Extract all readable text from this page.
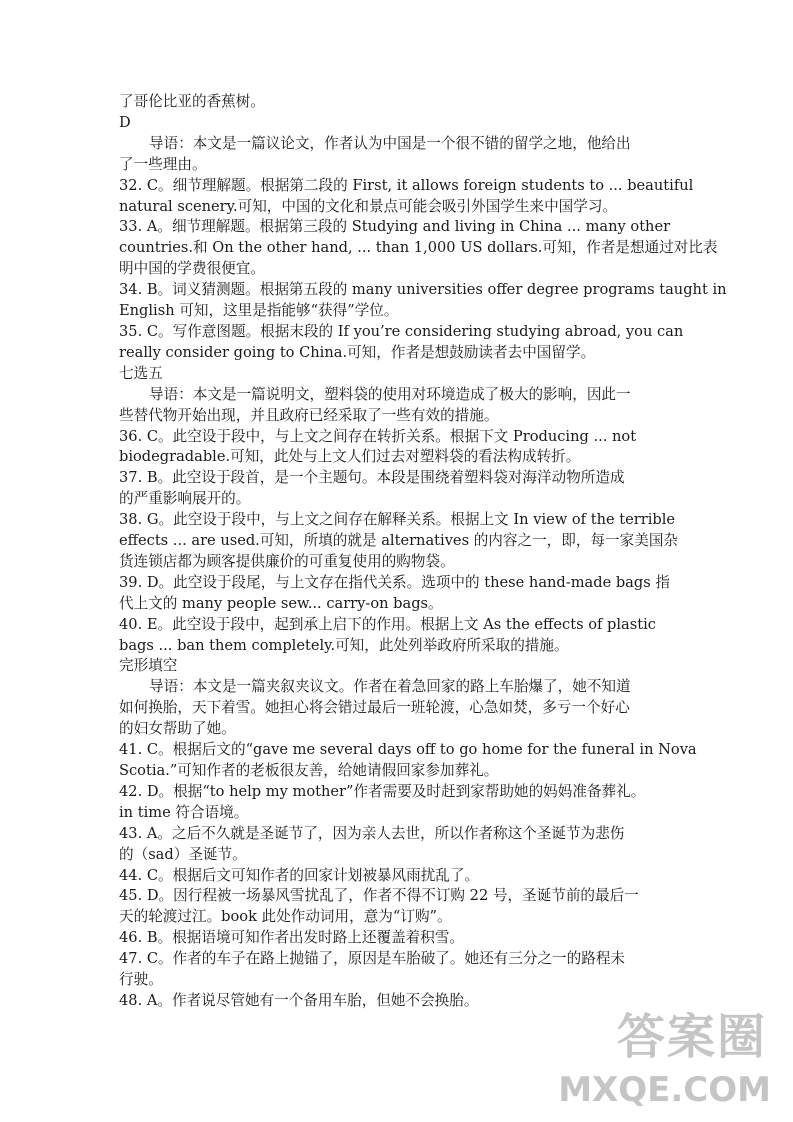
了哥伦比亚的香蕉树。
D
导语：本文是一篇议论文，作者认为中国是一个很不错的留学之地，他给出
了一些理由。
32. C。细节理解题。根据第二段的 First, it allows foreign students to ... beautiful
natural scenery.可知，中国的文化和景点可能会吸引外国学生来中国学习。
33. A。细节理解题。根据第三段的 Studying and living in China ... many other
countries.和 On the other hand, ... than 1,000 US dollars.可知，作者是想通过对比表
明中国的学费很便宜。
34. B。词义猜测题。根据第五段的 many universities offer degree programs taught in
English 可知，这里是指能够“获得”学位。
35. C。写作意图题。根据末段的 If you’re considering studying abroad, you can
really consider going to China.可知，作者是想鼓励读者去中国留学。
七选五
导语：本文是一篇说明文，塑料袋的使用对环境造成了极大的影响，因此一
些替代物开始出现，并且政府已经采取了一些有效的措施。
36. C。此空设于段中，与上文之间存在转折关系。根据下文 Producing ... not
biodegradable.可知，此处与上文人们过去对塑料袋的看法构成转折。
37. B。此空设于段首，是一个主题句。本段是围绕着塑料袋对海洋动物所造成
的严重影响展开的。
38. G。此空设于段中，与上文之间存在解释关系。根据上文 In view of the terrible
effects ... are used.可知，所填的就是 alternatives 的内容之一，即，每一家美国杂
货连锁店都为顾客提供廉价的可重复使用的购物袋。
39. D。此空设于段尾，与上文存在指代关系。选项中的 these hand-made bags 指
代上文的 many people sew... carry-on bags。
40. E。此空设于段中，起到承上启下的作用。根据上文 As the effects of plastic
bags ... ban them completely.可知，此处列举政府所采取的措施。
完形填空
导语：本文是一篇夹叙夹议文。作者在着急回家的路上车胎爆了，她不知道
如何换胎，天下着雪。她担心将会错过最后一班轮渡，心急如焚，多亏一个好心
的妇女帮助了她。
41. C。根据后文的“gave me several days off to go home for the funeral in Nova
Scotia.”可知作者的老板很友善，给她请假回家参加葬礼。
42. D。根据“to help my mother”作者需要及时赶到家帮助她的妈妈准备葬礼。
in time 符合语境。
43. A。之后不久就是圣诞节了，因为亲人去世，所以作者称这个圣诞节为悲伤
的（sad）圣诞节。
44. C。根据后文可知作者的回家计划被暴风雨扰乱了。
45. D。因行程被一场暴风雪扰乱了，作者不得不订购 22 号，圣诞节前的最后一
天的轮渡过江。book 此处作动词用，意为“订购”。
46. B。根据语境可知作者出发时路上还覆盖着积雪。
47. C。作者的车子在路上抛锚了，原因是车胎破了。她还有三分之一的路程未
行驶。
48. A。作者说尽管她有一个备用车胎，但她不会换胎。
答案圈
MXQE.COM
